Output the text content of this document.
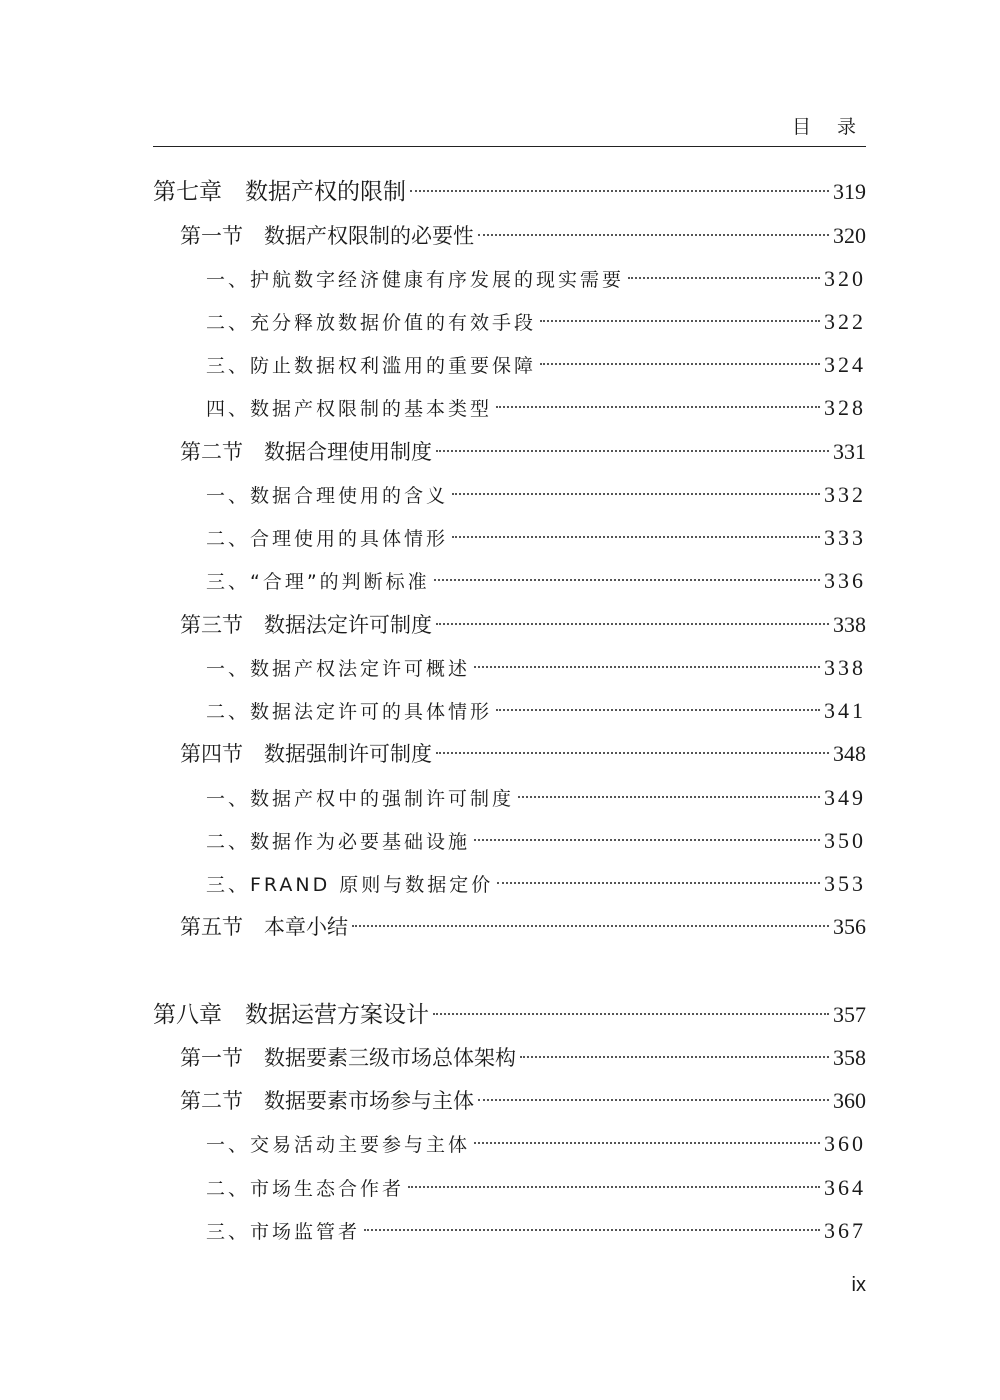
目 录
第七章　数据产权的限制	319
第一节　数据产权限制的必要性	320
一、护航数字经济健康有序发展的现实需要	320
二、充分释放数据价值的有效手段	322
三、防止数据权利滥用的重要保障	324
四、数据产权限制的基本类型	328
第二节　数据合理使用制度	331
一、数据合理使用的含义	332
二、合理使用的具体情形	333
三、“合理”的判断标准	336
第三节　数据法定许可制度	338
一、数据产权法定许可概述	338
二、数据法定许可的具体情形	341
第四节　数据强制许可制度	348
一、数据产权中的强制许可制度	349
二、数据作为必要基础设施	350
三、FRAND 原则与数据定价	353
第五节　本章小结	356
第八章　数据运营方案设计	357
第一节　数据要素三级市场总体架构	358
第二节　数据要素市场参与主体	360
一、交易活动主要参与主体	360
二、市场生态合作者	364
三、市场监管者	367
ix
